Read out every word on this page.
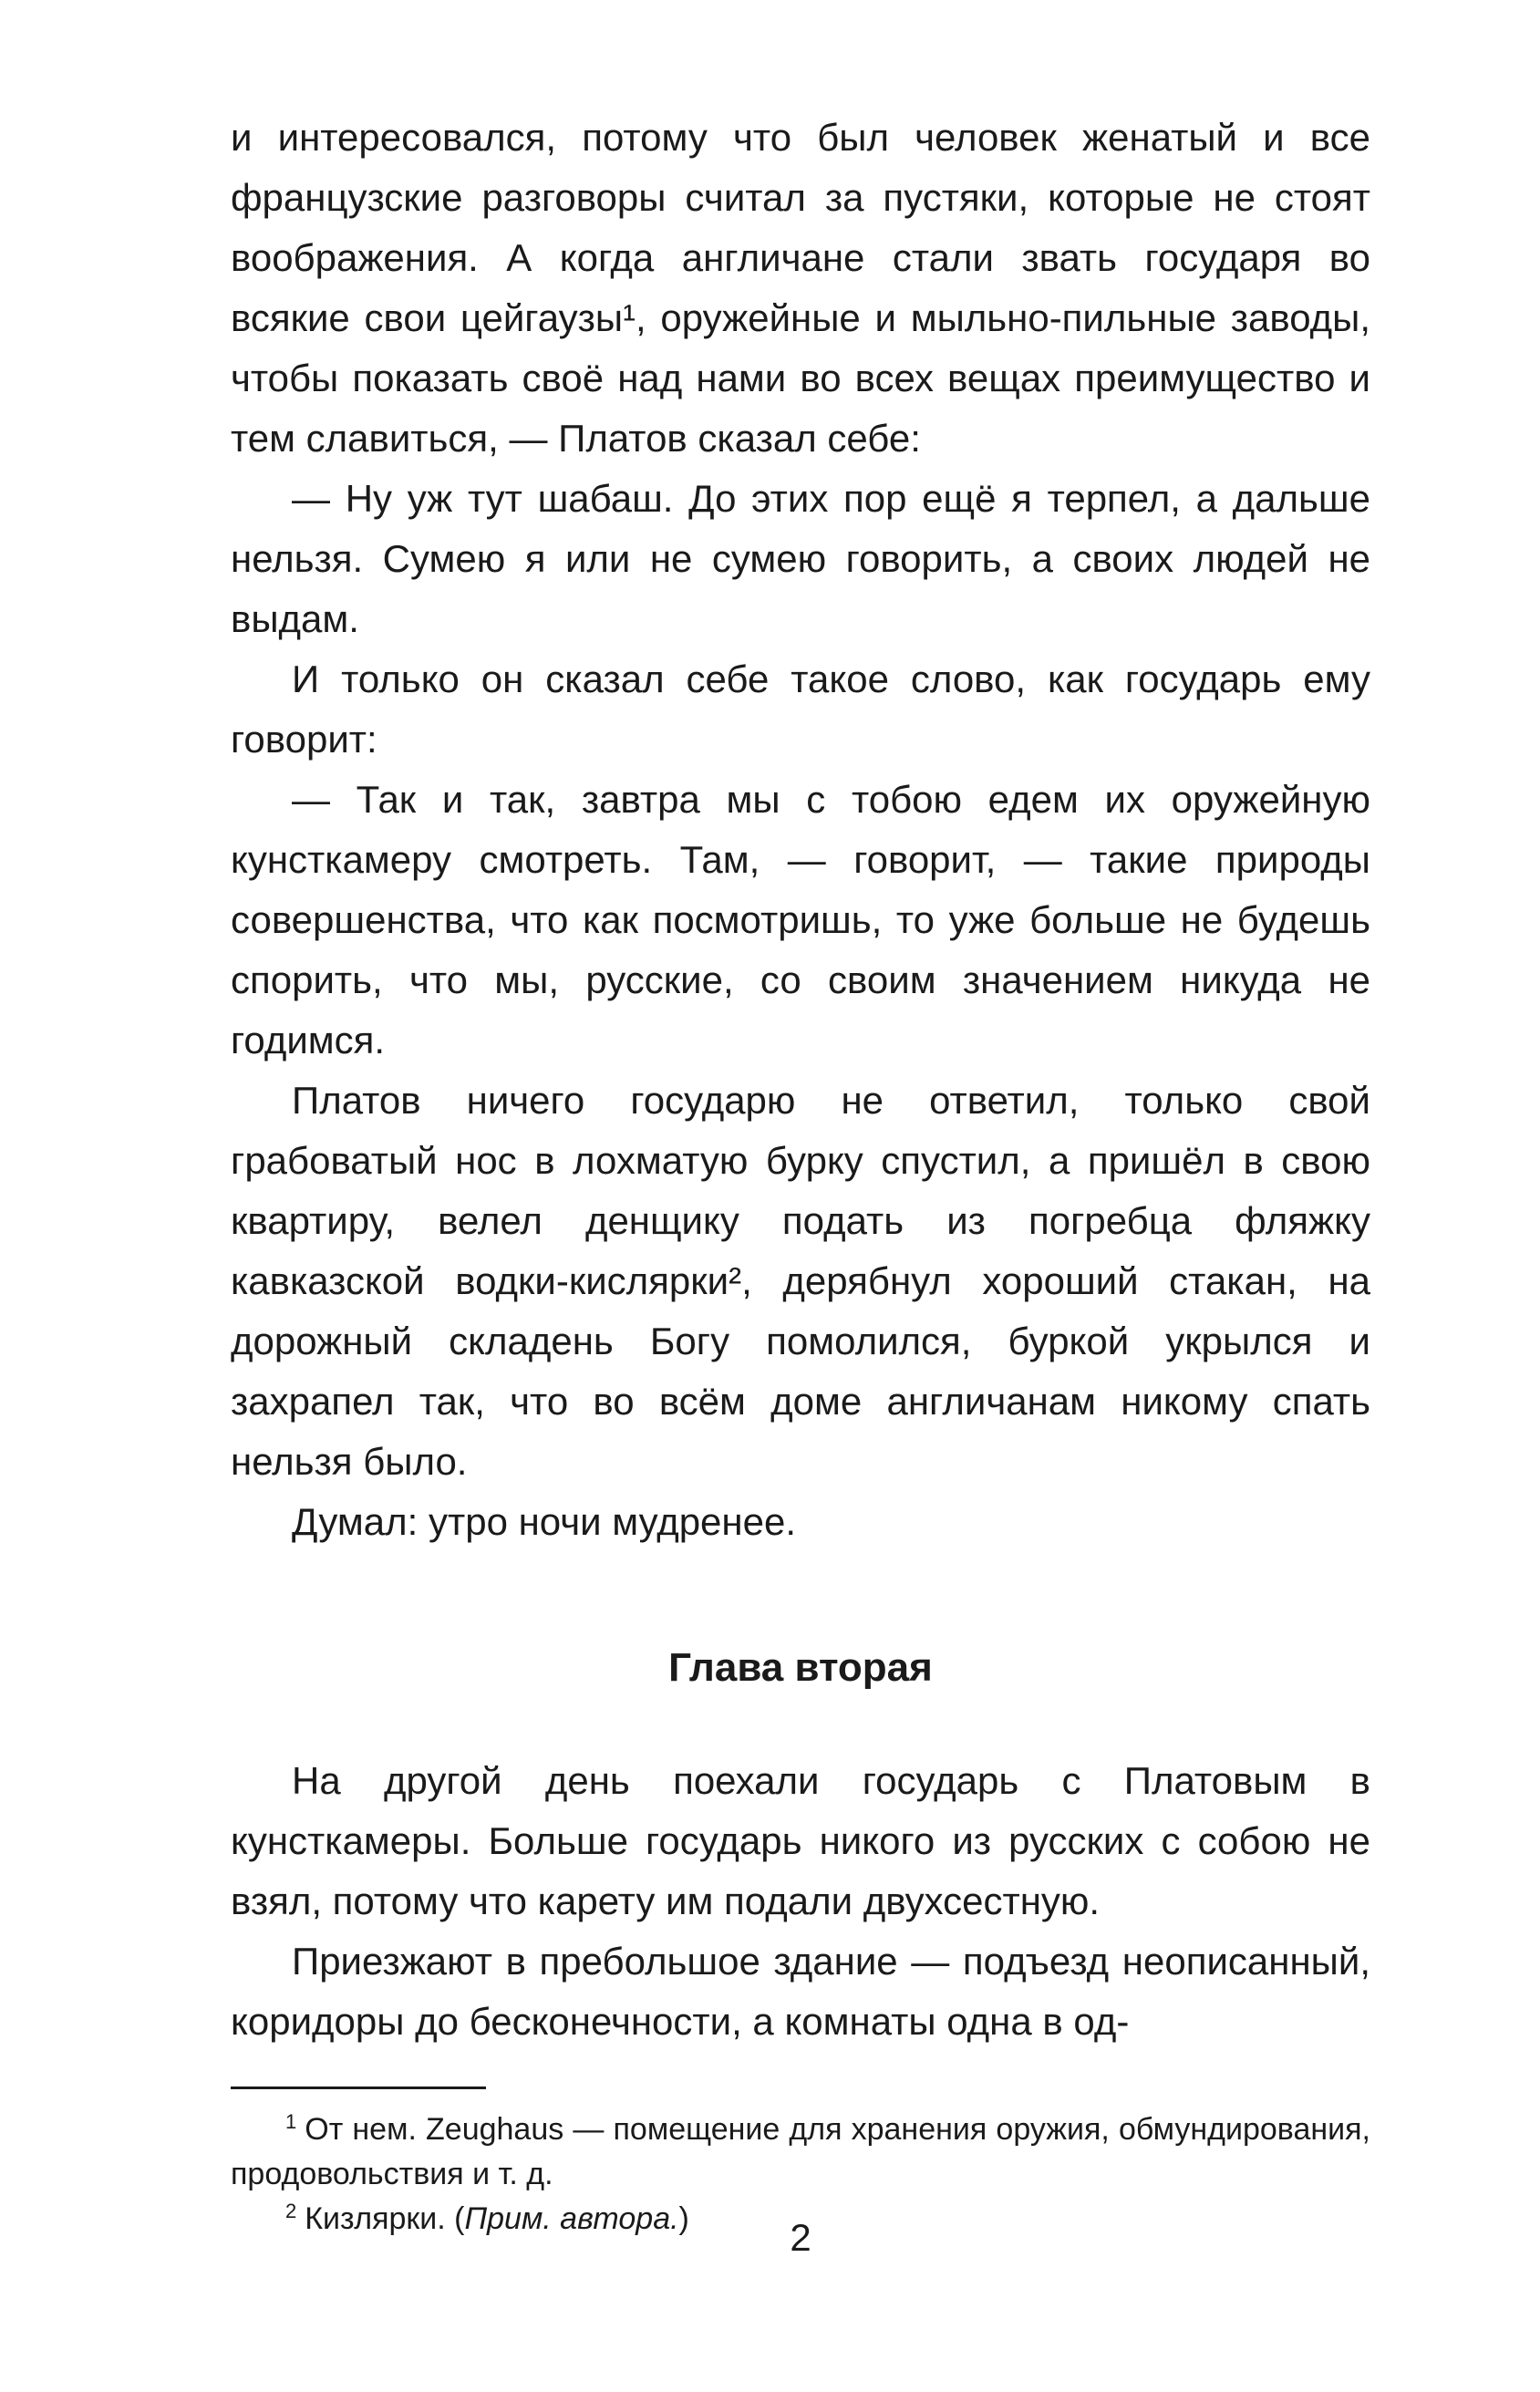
и интересовался, потому что был человек женатый и все французские разговоры считал за пустяки, которые не стоят воображения. А когда англичане стали звать государя во всякие свои цейгаузы¹, оружейные и мыльно-пильные заводы, чтобы показать своё над нами во всех вещах преимущество и тем славиться, — Платов сказал себе:

— Ну уж тут шабаш. До этих пор ещё я терпел, а дальше нельзя. Сумею я или не сумею говорить, а своих людей не выдам.

И только он сказал себе такое слово, как государь ему говорит:

— Так и так, завтра мы с тобою едем их оружейную кунсткамеру смотреть. Там, — говорит, — такие природы совершенства, что как посмотришь, то уже больше не будешь спорить, что мы, русские, со своим значением никуда не годимся.

Платов ничего государю не ответил, только свой грабоватый нос в лохматую бурку спустил, а пришёл в свою квартиру, велел денщику подать из погребца фляжку кавказской водки-кислярки², дерябнул хороший стакан, на дорожный складень Богу помолился, буркой укрылся и захрапел так, что во всём доме англичанам никому спать нельзя было.

Думал: утро ночи мудренее.

Глава вторая

На другой день поехали государь с Платовым в кунсткамеры. Больше государь никого из русских с собою не взял, потому что карету им подали двухсестную.

Приезжают в пребольшое здание — подъезд неописанный, коридоры до бесконечности, а комнаты одна в од-

$^1$ От нем. Zeughaus — помещение для хранения оружия, обмундирования, продовольствия и т. д.

$^2$ Кизлярки. (Прим. автора.)	2
